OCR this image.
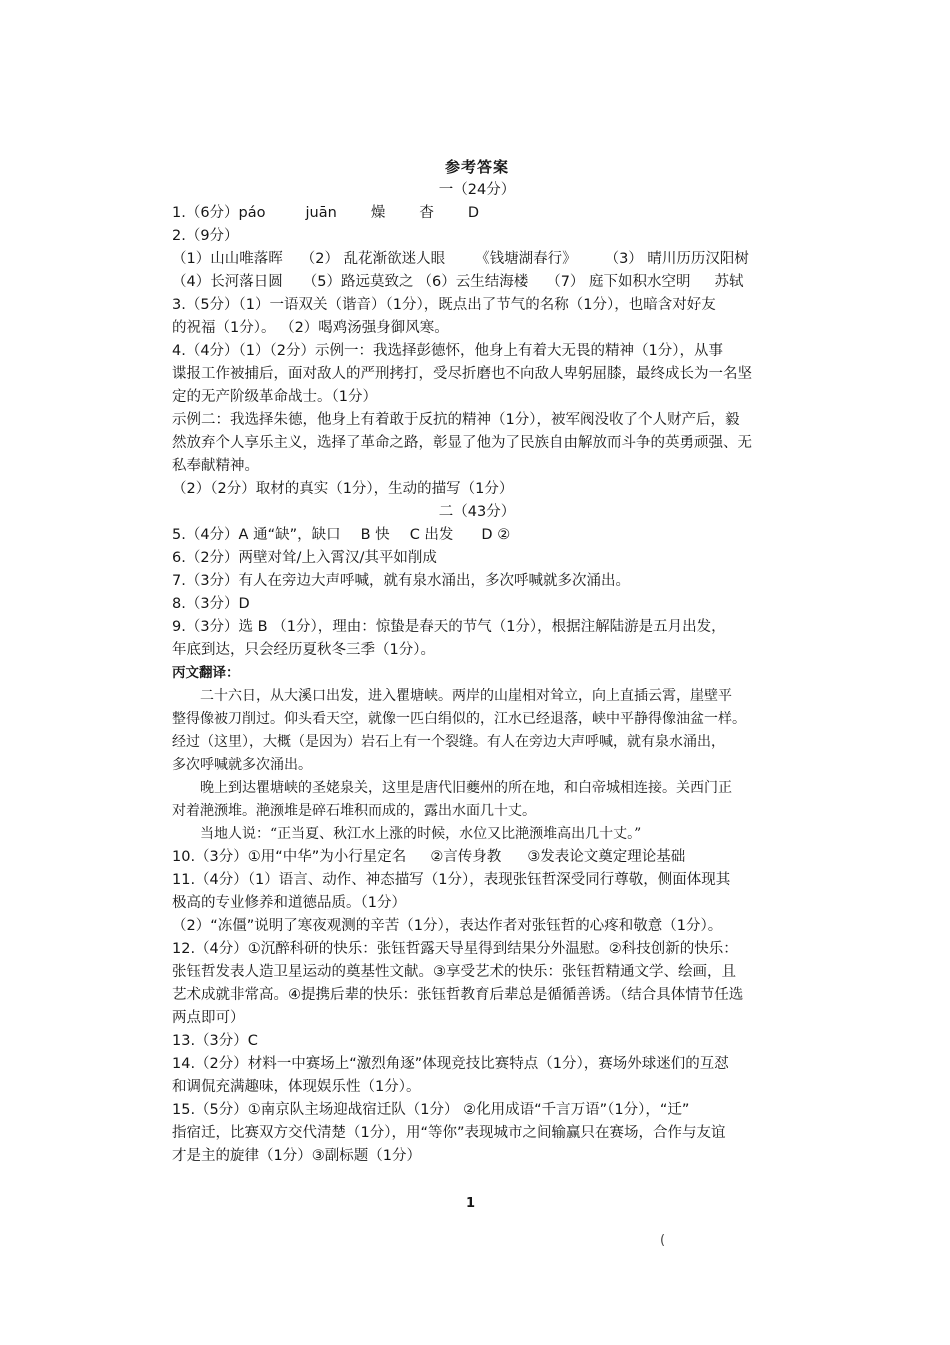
参考答案
一（24分）
1.（6分）páo	juān 燥 杳 D
2.（9分）
（1）山山唯落晖 （2） 乱花渐欲迷人眼 《钱塘湖春行》 （3） 晴川历历汉阳树
（4）长河落日圆 （5）路远莫致之 （6）云生结海楼 （7） 庭下如积水空明 苏轼
3.（5分）（1）一语双关（谐音）（1分），既点出了节气的名称（1分），也暗含对好友
的祝福（1分）。 （2）喝鸡汤强身御风寒。
4.（4分）（1）（2分）示例一：我选择彭德怀，他身上有着大无畏的精神（1分），从事
谍报工作被捕后，面对敌人的严刑拷打，受尽折磨也不向敌人卑躬屈膝，最终成长为一名坚
定的无产阶级革命战士。（1分）
示例二：我选择朱德，他身上有着敢于反抗的精神（1分），被军阀没收了个人财产后，毅
然放弃个人享乐主义，选择了革命之路，彰显了他为了民族自由解放而斗争的英勇顽强、无
私奉献精神。
（2）（2分）取材的真实（1分），生动的描写（1分）
二（43分）
5.（4分）A 通“缺”，缺口 B 快 C 出发 D ②
6.（2分）两壁对耸/上入霄汉/其平如削成
7.（3分）有人在旁边大声呼喊，就有泉水涌出，多次呼喊就多次涌出。
8.（3分）D
9.（3分）选 B （1分），理由：惊蛰是春天的节气（1分），根据注解陆游是五月出发，
年底到达，只会经历夏秋冬三季（1分）。
丙文翻译：
二十六日，从大溪口出发，进入瞿塘峡。两岸的山崖相对耸立，向上直插云霄，崖壁平
整得像被刀削过。仰头看天空，就像一匹白绢似的，江水已经退落，峡中平静得像油盆一样。
经过（这里），大概（是因为）岩石上有一个裂缝。有人在旁边大声呼喊，就有泉水涌出，
多次呼喊就多次涌出。
晚上到达瞿塘峡的圣姥泉关，这里是唐代旧夔州的所在地，和白帝城相连接。关西门正
对着滟滪堆。滟滪堆是碎石堆积而成的，露出水面几十丈。
当地人说：“正当夏、秋江水上涨的时候，水位又比滟滪堆高出几十丈。”
10.（3分）①用“中华”为小行星定名 ②言传身教 ③发表论文奠定理论基础
11.（4分）（1）语言、动作、神态描写（1分），表现张钰哲深受同行尊敬，侧面体现其
极高的专业修养和道德品质。（1分）
（2）“冻僵”说明了寒夜观测的辛苦（1分），表达作者对张钰哲的心疼和敬意（1分）。
12.（4分）①沉醉科研的快乐：张钰哲露天导星得到结果分外温慰。②科技创新的快乐：
张钰哲发表人造卫星运动的奠基性文献。③享受艺术的快乐：张钰哲精通文学、绘画，且
艺术成就非常高。④提携后辈的快乐：张钰哲教育后辈总是循循善诱。（结合具体情节任选
两点即可）
13.（3分）C
14.（2分）材料一中赛场上“激烈角逐”体现竞技比赛特点（1分），赛场外球迷们的互怼
和调侃充满趣味，体现娱乐性（1分）。
15.（5分）①南京队主场迎战宿迁队（1分） ②化用成语“千言万语”（1分），“迁”
指宿迁，比赛双方交代清楚（1分），用“等你”表现城市之间输赢只在赛场，合作与友谊
才是主的旋律（1分）③副标题（1分）
1
(
